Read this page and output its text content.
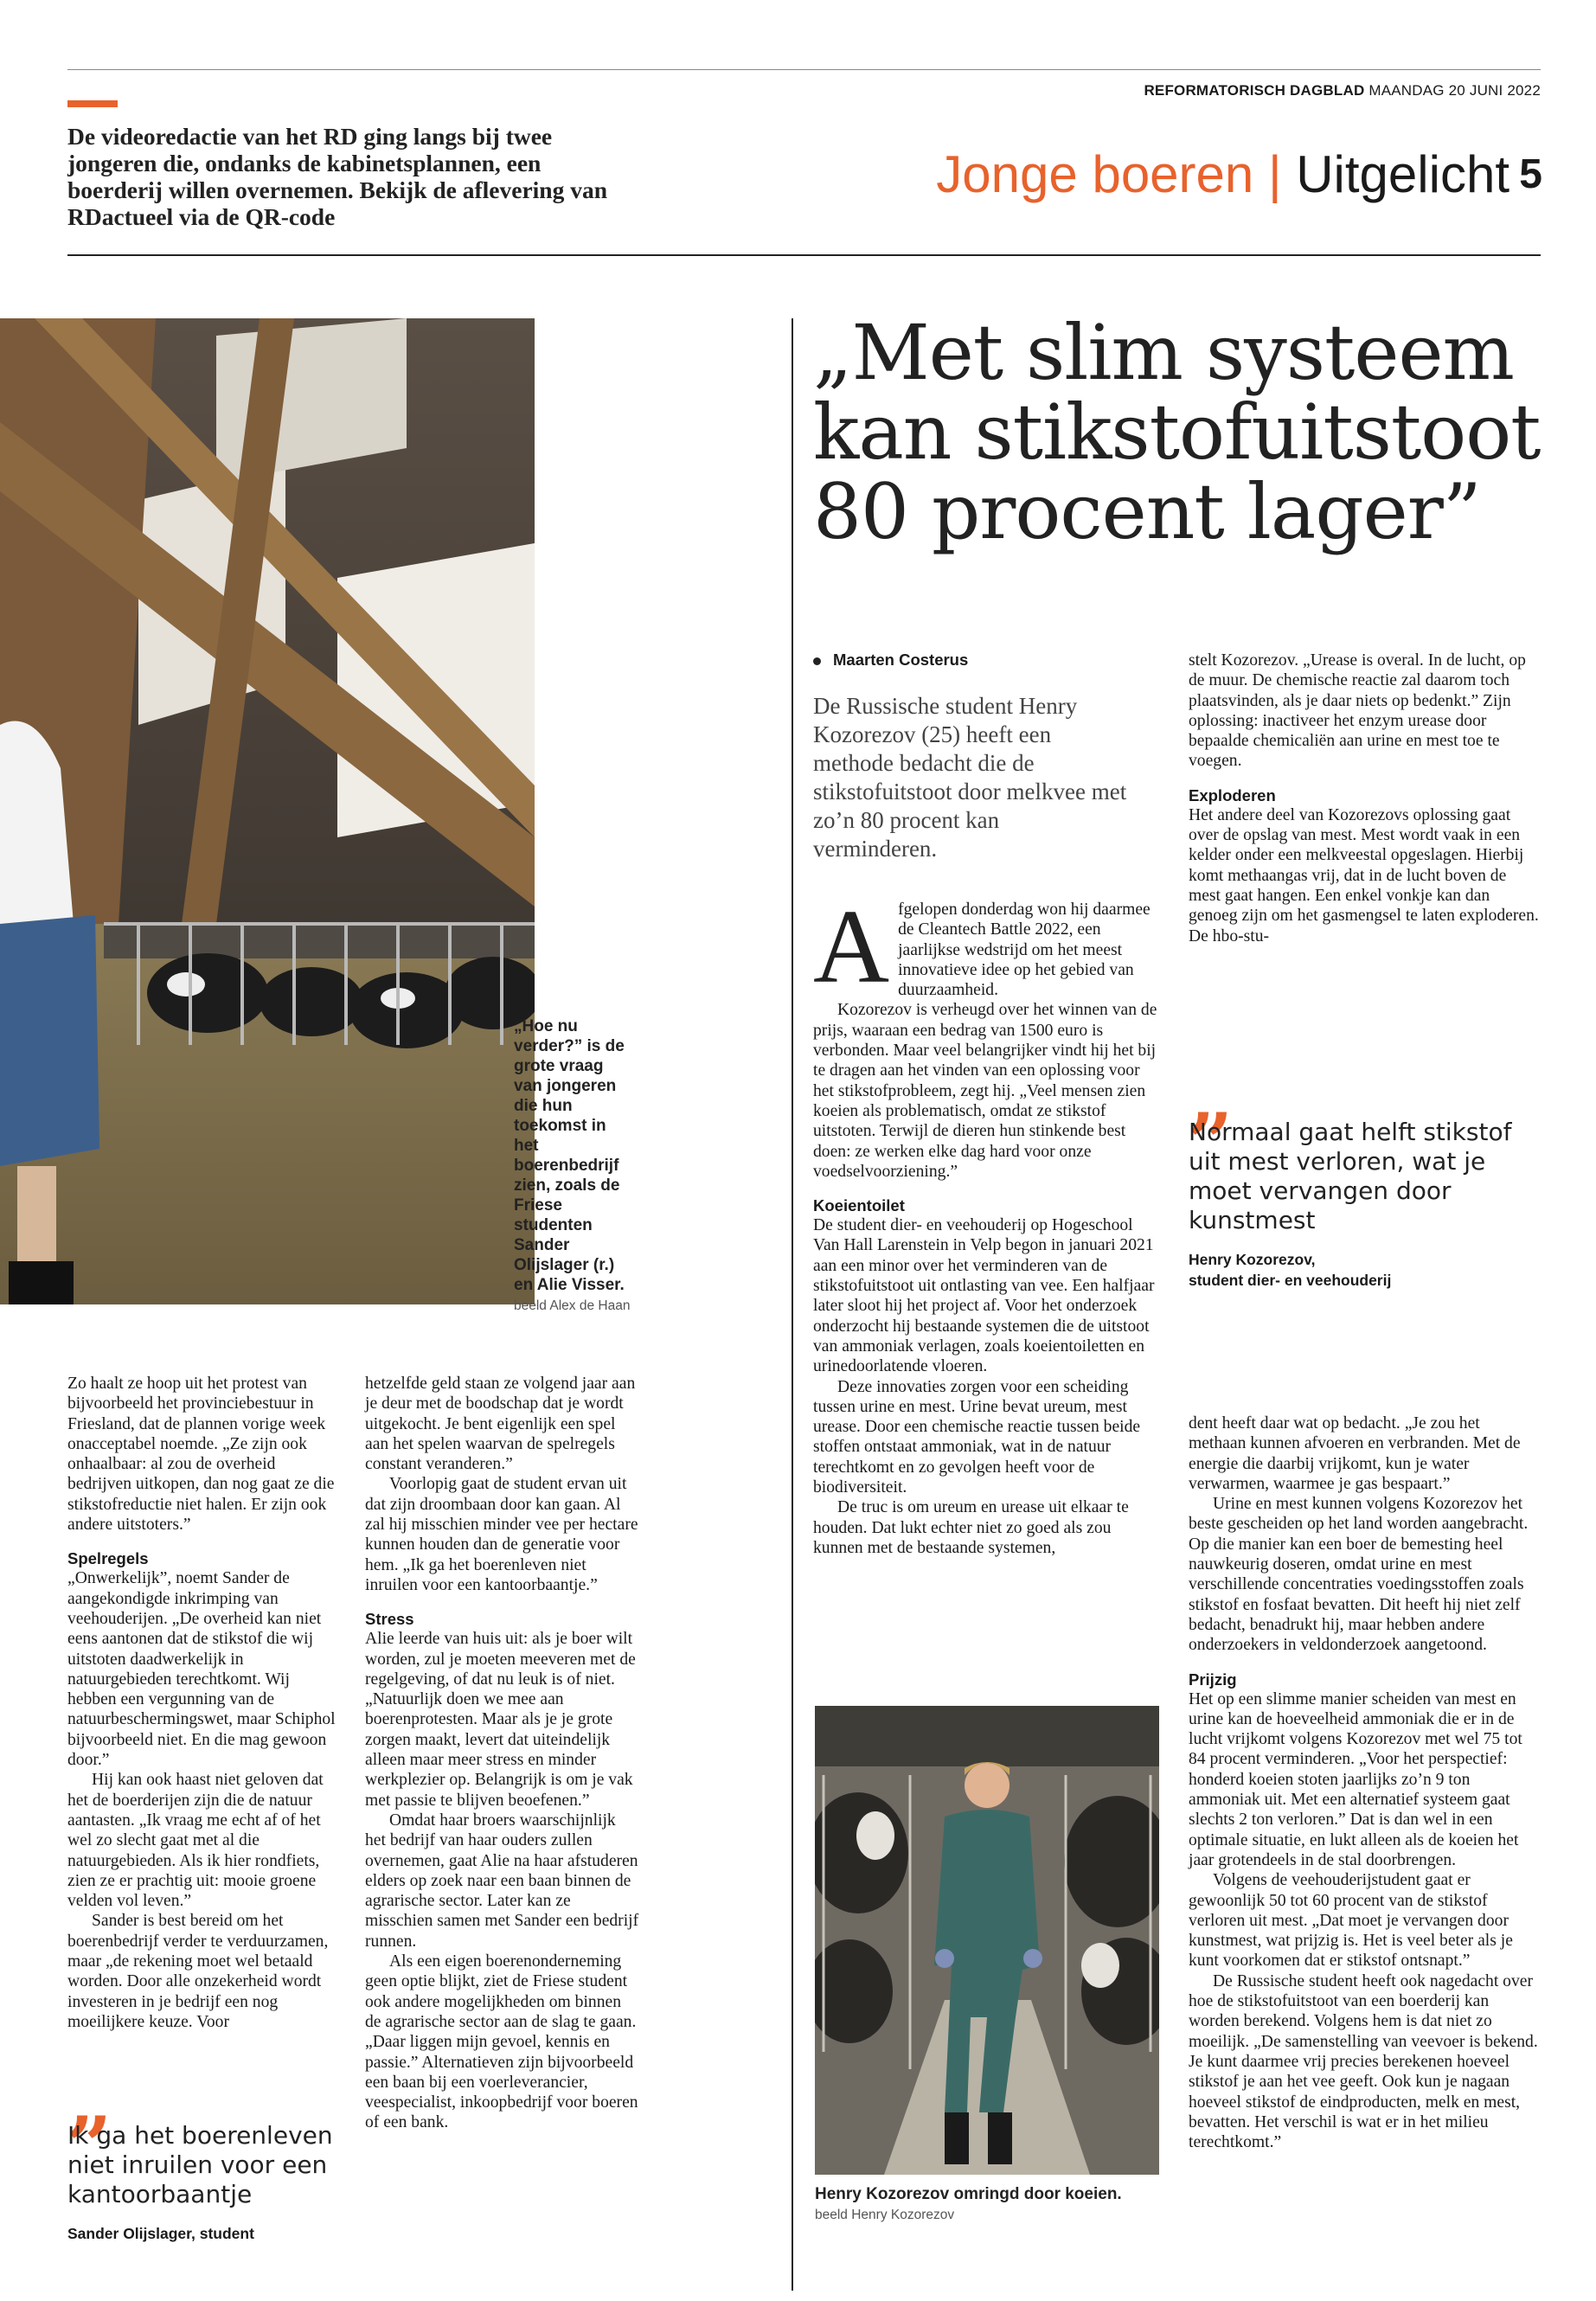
De videoredactie van het RD ging langs bij twee jongeren die, ondanks de kabinetsplannen, een boerderij willen overnemen. Bekijk de aflevering van RDactueel via de QR-code
REFORMATORISCH DAGBLAD MAANDAG 20 JUNI 2022
Jonge boeren | Uitgelicht 5
„Hoe nu verder?” is de grote vraag van jongeren die hun toekomst in het boerenbedrijf zien, zoals de Friese studenten Sander Olijslager (r.) en Alie Visser. beeld Alex de Haan
„Met slim systeem kan stikstofuitstoot 80 procent lager”
Maarten Costerus
De Russische student Henry Kozorezov (25) heeft een methode bedacht die de stikstofuitstoot door melkvee met zo’n 80 procent kan verminderen.

Afgelopen donderdag won hij daarmee de Cleantech Battle 2022, een jaarlijkse wedstrijd om het meest innovatieve idee op het gebied van duurzaamheid.

Kozorezov is verheugd over het winnen van de prijs, waaraan een bedrag van 1500 euro is verbonden. Maar veel belangrijker vindt hij het bij te dragen aan het vinden van een oplossing voor het stikstofprobleem, zegt hij. „Veel mensen zien koeien als problematisch, omdat ze stikstof uitstoten. Terwijl de dieren hun stinkende best doen: ze werken elke dag hard voor onze voedselvoorziening.”

Koeientoilet

De student dier- en veehouderij op Hogeschool Van Hall Larenstein in Velp begon in januari 2021 aan een minor over het verminderen van de stikstofuitstoot uit ontlasting van vee. Een halfjaar later sloot hij het project af. Voor het onderzoek onderzocht hij bestaande systemen die de uitstoot van ammoniak verlagen, zoals koeientoiletten en urinedoorlatende vloeren.

Deze innovaties zorgen voor een scheiding tussen urine en mest. Urine bevat ureum, mest urease. Door een chemische reactie tussen beide stoffen ontstaat ammoniak, wat in de natuur terechtkomt en zo gevolgen heeft voor de biodiversiteit.

De truc is om ureum en urease uit elkaar te houden. Dat lukt echter niet zo goed als zou kunnen met de bestaande systemen,

Henry Kozorezov omringd door koeien. beeld Henry Kozorezov

stelt Kozorezov. „Urease is overal. In de lucht, op de muur. De chemische reactie zal daarom toch plaatsvinden, als je daar niets op bedenkt.” Zijn oplossing: inactiveer het enzym urease door bepaalde chemicaliën aan urine en mest toe te voegen.

Exploderen

Het andere deel van Kozorezovs oplossing gaat over de opslag van mest. Mest wordt vaak in een kelder onder een melkveestal opgeslagen. Hierbij komt methaangas vrij, dat in de lucht boven de mest gaat hangen. Een enkel vonkje kan dan genoeg zijn om het gasmengsel te laten exploderen. De hbo-stu-

„
Normaal gaat helft stikstof uit mest verloren, wat je moet vervangen door kunstmest
Henry Kozorezov,
student dier- en veehouderij

dent heeft daar wat op bedacht. „Je zou het methaan kunnen afvoeren en verbranden. Met de energie die daarbij vrijkomt, kun je water verwarmen, waarmee je gas bespaart.”

Urine en mest kunnen volgens Kozorezov het beste gescheiden op het land worden aangebracht. Op die manier kan een boer de bemesting heel nauwkeurig doseren, omdat urine en mest verschillende concentraties voedingsstoffen zoals stikstof en fosfaat bevatten. Dit heeft hij niet zelf bedacht, benadrukt hij, maar hebben andere onderzoekers in veldonderzoek aangetoond.

Prijzig

Het op een slimme manier scheiden van mest en urine kan de hoeveelheid ammoniak die er in de lucht vrijkomt volgens Kozorezov met wel 75 tot 84 procent verminderen. „Voor het perspectief: honderd koeien stoten jaarlijks zo’n 9 ton ammoniak uit. Met een alternatief systeem gaat slechts 2 ton verloren.” Dat is dan wel in een optimale situatie, en lukt alleen als de koeien het jaar grotendeels in de stal doorbrengen.

Volgens de veehouderijstudent gaat er gewoonlijk 50 tot 60 procent van de stikstof verloren uit mest. „Dat moet je vervangen door kunstmest, wat prijzig is. Het is veel beter als je kunt voorkomen dat er stikstof ontsnapt.”

De Russische student heeft ook nagedacht over hoe de stikstofuitstoot van een boerderij kan worden berekend. Volgens hem is dat niet zo moeilijk. „De samenstelling van veevoer is bekend. Je kunt daarmee vrij precies berekenen hoeveel stikstof je aan het vee geeft. Ook kun je nagaan hoeveel stikstof de eindproducten, melk en mest, bevatten. Het verschil is wat er in het milieu terechtkomt.”

Zo haalt ze hoop uit het protest van bijvoorbeeld het provinciebestuur in Friesland, dat de plannen vorige week onacceptabel noemde. „Ze zijn ook onhaalbaar: al zou de overheid bedrijven uitkopen, dan nog gaat ze die stikstofreductie niet halen. Er zijn ook andere uitstoters.”

Spelregels

„Onwerkelijk”, noemt Sander de aangekondigde inkrimping van veehouderijen. „De overheid kan niet eens aantonen dat de stikstof die wij uitstoten daadwerkelijk in natuurgebieden terechtkomt. Wij hebben een vergunning van de natuurbeschermingswet, maar Schiphol bijvoorbeeld niet. En die mag gewoon door.”

Hij kan ook haast niet geloven dat het de boerderijen zijn die de natuur aantasten. „Ik vraag me echt af of het wel zo slecht gaat met al die natuurgebieden. Als ik hier rondfiets, zien ze er prachtig uit: mooie groene velden vol leven.”

Sander is best bereid om het boerenbedrijf verder te verduurzamen, maar „de rekening moet wel betaald worden. Door alle onzekerheid wordt investeren in je bedrijf een nog moeilijkere keuze. Voor

„
Ik ga het boerenleven niet inruilen voor een kantoorbaantje
Sander Olijslager, student

hetzelfde geld staan ze volgend jaar aan je deur met de boodschap dat je wordt uitgekocht. Je bent eigenlijk een spel aan het spelen waarvan de spelregels constant veranderen.”

Voorlopig gaat de student ervan uit dat zijn droombaan door kan gaan. Al zal hij misschien minder vee per hectare kunnen houden dan de generatie voor hem. „Ik ga het boerenleven niet inruilen voor een kantoorbaantje.”

Stress

Alie leerde van huis uit: als je boer wilt worden, zul je moeten meeveren met de regelgeving, of dat nu leuk is of niet. „Natuurlijk doen we mee aan boerenprotesten. Maar als je je grote zorgen maakt, levert dat uiteindelijk alleen maar meer stress en minder werkplezier op. Belangrijk is om je vak met passie te blijven beoefenen.”

Omdat haar broers waarschijnlijk het bedrijf van haar ouders zullen overnemen, gaat Alie na haar afstuderen elders op zoek naar een baan binnen de agrarische sector. Later kan ze misschien samen met Sander een bedrijf runnen.

Als een eigen boerenonderneming geen optie blijkt, ziet de Friese student ook andere mogelijkheden om binnen de agrarische sector aan de slag te gaan. „Daar liggen mijn gevoel, kennis en passie.” Alternatieven zijn bijvoorbeeld een baan bij een voerleverancier, veespecialist, inkoopbedrijf voor boeren of een bank.
